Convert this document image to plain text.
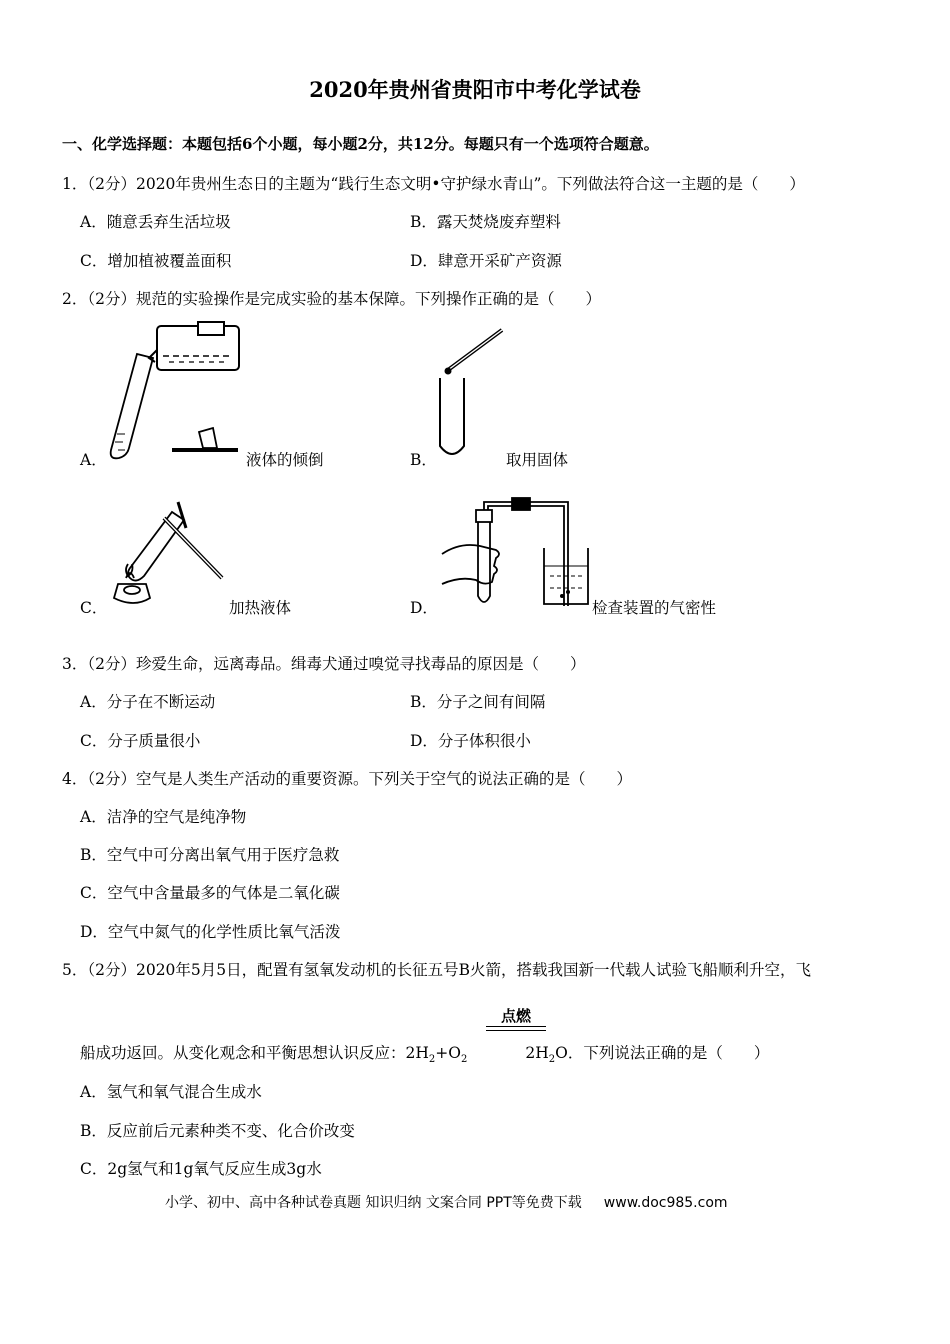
2020年贵州省贵阳市中考化学试卷
一、化学选择题：本题包括6个小题，每小题2分，共12分。每题只有一个选项符合题意。
1．（2分）2020年贵州生态日的主题为“践行生态文明•守护绿水青山”。下列做法符合这一主题的是（　　）
A．随意丢弃生活垃圾	B．露天焚烧废弃塑料
C．增加植被覆盖面积	D．肆意开采矿产资源
2．（2分）规范的实验操作是完成实验的基本保障。下列操作正确的是（　　）
A．	液体的倾倒	B．	取用固体
C．	加热液体	D．	检查装置的气密性
3．（2分）珍爱生命，远离毒品。缉毒犬通过嗅觉寻找毒品的原因是（　　）
A．分子在不断运动	B．分子之间有间隔
C．分子质量很小	D．分子体积很小
4．（2分）空气是人类生产活动的重要资源。下列关于空气的说法正确的是（　　）
A．洁净的空气是纯净物
B．空气中可分离出氧气用于医疗急救
C．空气中含量最多的气体是二氧化碳
D．空气中氮气的化学性质比氧气活泼
5．（2分）2020年5月5日，配置有氢氧发动机的长征五号B火箭，搭载我国新一代载人试验飞船顺利升空，飞
点燃
船成功返回。从变化观念和平衡思想认识反应：$2H_2+O_2$	$2H_2O$．下列说法正确的是（　　）
A．氢气和氧气混合生成水
B．反应前后元素种类不变、化合价改变
C．2g氢气和1g氧气反应生成3g水
小学、初中、高中各种试卷真题 知识归纳 文案合同 PPT等免费下载 www.doc985.com
